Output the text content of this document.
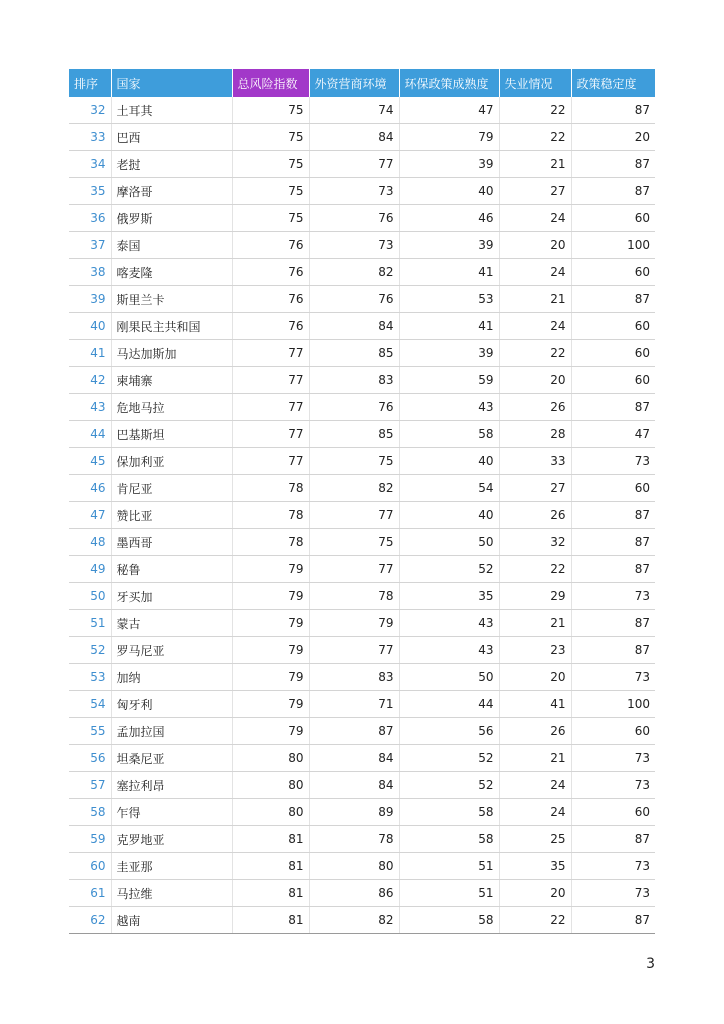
排序	国家	总风险指数	外资营商环境	环保政策成熟度	失业情况	政策稳定度
32	土耳其	75	74	47	22	87
33	巴西	75	84	79	22	20
34	老挝	75	77	39	21	87
35	摩洛哥	75	73	40	27	87
36	俄罗斯	75	76	46	24	60
37	泰国	76	73	39	20	100
38	喀麦隆	76	82	41	24	60
39	斯里兰卡	76	76	53	21	87
40	刚果民主共和国	76	84	41	24	60
41	马达加斯加	77	85	39	22	60
42	柬埔寨	77	83	59	20	60
43	危地马拉	77	76	43	26	87
44	巴基斯坦	77	85	58	28	47
45	保加利亚	77	75	40	33	73
46	肯尼亚	78	82	54	27	60
47	赞比亚	78	77	40	26	87
48	墨西哥	78	75	50	32	87
49	秘鲁	79	77	52	22	87
50	牙买加	79	78	35	29	73
51	蒙古	79	79	43	21	87
52	罗马尼亚	79	77	43	23	87
53	加纳	79	83	50	20	73
54	匈牙利	79	71	44	41	100
55	孟加拉国	79	87	56	26	60
56	坦桑尼亚	80	84	52	21	73
57	塞拉利昂	80	84	52	24	73
58	乍得	80	89	58	24	60
59	克罗地亚	81	78	58	25	87
60	圭亚那	81	80	51	35	73
61	马拉维	81	86	51	20	73
62	越南	81	82	58	22	87
3
